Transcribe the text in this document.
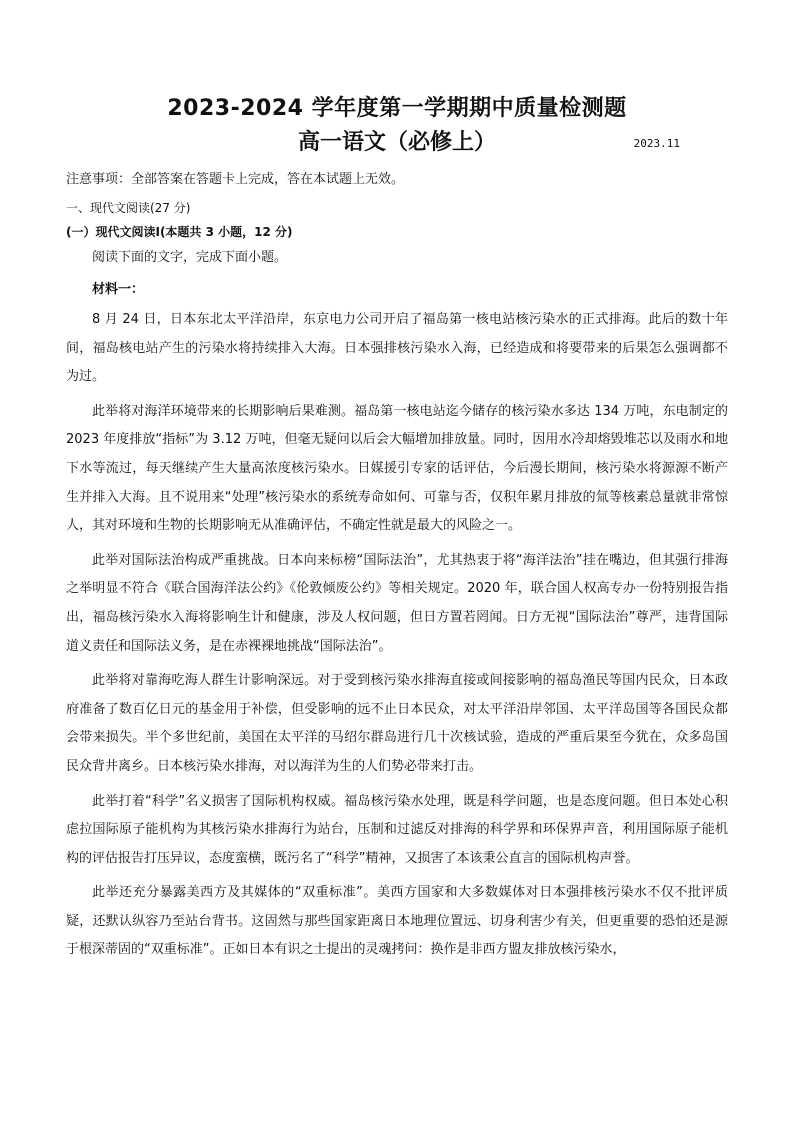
2023-2024 学年度第一学期期中质量检测题
高一语文（必修上）	2023.11
注意事项：全部答案在答题卡上完成，答在本试题上无效。
一、现代文阅读(27 分)
(一）现代文阅读Ⅰ(本题共 3 小题，12 分)
阅读下面的文字，完成下面小题。
材料一：

8 月 24 日，日本东北太平洋沿岸，东京电力公司开启了福岛第一核电站核污染水的正式排海。此后的数十年间，福岛核电站产生的污染水将持续排入大海。日本强排核污染水入海，已经造成和将要带来的后果怎么强调都不为过。

此举将对海洋环境带来的长期影响后果难测。福岛第一核电站迄今储存的核污染水多达 134 万吨，东电制定的 2023 年度排放“指标”为 3.12 万吨，但毫无疑问以后会大幅增加排放量。同时，因用水冷却熔毁堆芯以及雨水和地下水等流过，每天继续产生大量高浓度核污染水。日媒援引专家的话评估，今后漫长期间，核污染水将源源不断产生并排入大海。且不说用来“处理”核污染水的系统寿命如何、可靠与否，仅积年累月排放的氚等核素总量就非常惊人，其对环境和生物的长期影响无从准确评估，不确定性就是最大的风险之一。

此举对国际法治构成严重挑战。日本向来标榜“国际法治”，尤其热衷于将“海洋法治”挂在嘴边，但其强行排海之举明显不符合《联合国海洋法公约》《伦敦倾废公约》等相关规定。2020 年，联合国人权高专办一份特别报告指出，福岛核污染水入海将影响生计和健康，涉及人权问题，但日方置若罔闻。日方无视“国际法治”尊严，违背国际道义责任和国际法义务，是在赤裸裸地挑战“国际法治”。

此举将对靠海吃海人群生计影响深远。对于受到核污染水排海直接或间接影响的福岛渔民等国内民众，日本政府准备了数百亿日元的基金用于补偿，但受影响的远不止日本民众，对太平洋沿岸邻国、太平洋岛国等各国民众都会带来损失。半个多世纪前，美国在太平洋的马绍尔群岛进行几十次核试验，造成的严重后果至今犹在，众多岛国民众背井离乡。日本核污染水排海，对以海洋为生的人们势必带来打击。

此举打着“科学”名义损害了国际机构权威。福岛核污染水处理，既是科学问题，也是态度问题。但日本处心积虑拉国际原子能机构为其核污染水排海行为站台，压制和过滤反对排海的科学界和环保界声音，利用国际原子能机构的评估报告打压异议，态度蛮横，既污名了“科学”精神，又损害了本该秉公直言的国际机构声誉。

此举还充分暴露美西方及其媒体的“双重标准”。美西方国家和大多数媒体对日本强排核污染水不仅不批评质疑，还默认纵容乃至站台背书。这固然与那些国家距离日本地理位置远、切身利害少有关，但更重要的恐怕还是源于根深蒂固的“双重标准”。正如日本有识之士提出的灵魂拷问：换作是非西方盟友排放核污染水，
